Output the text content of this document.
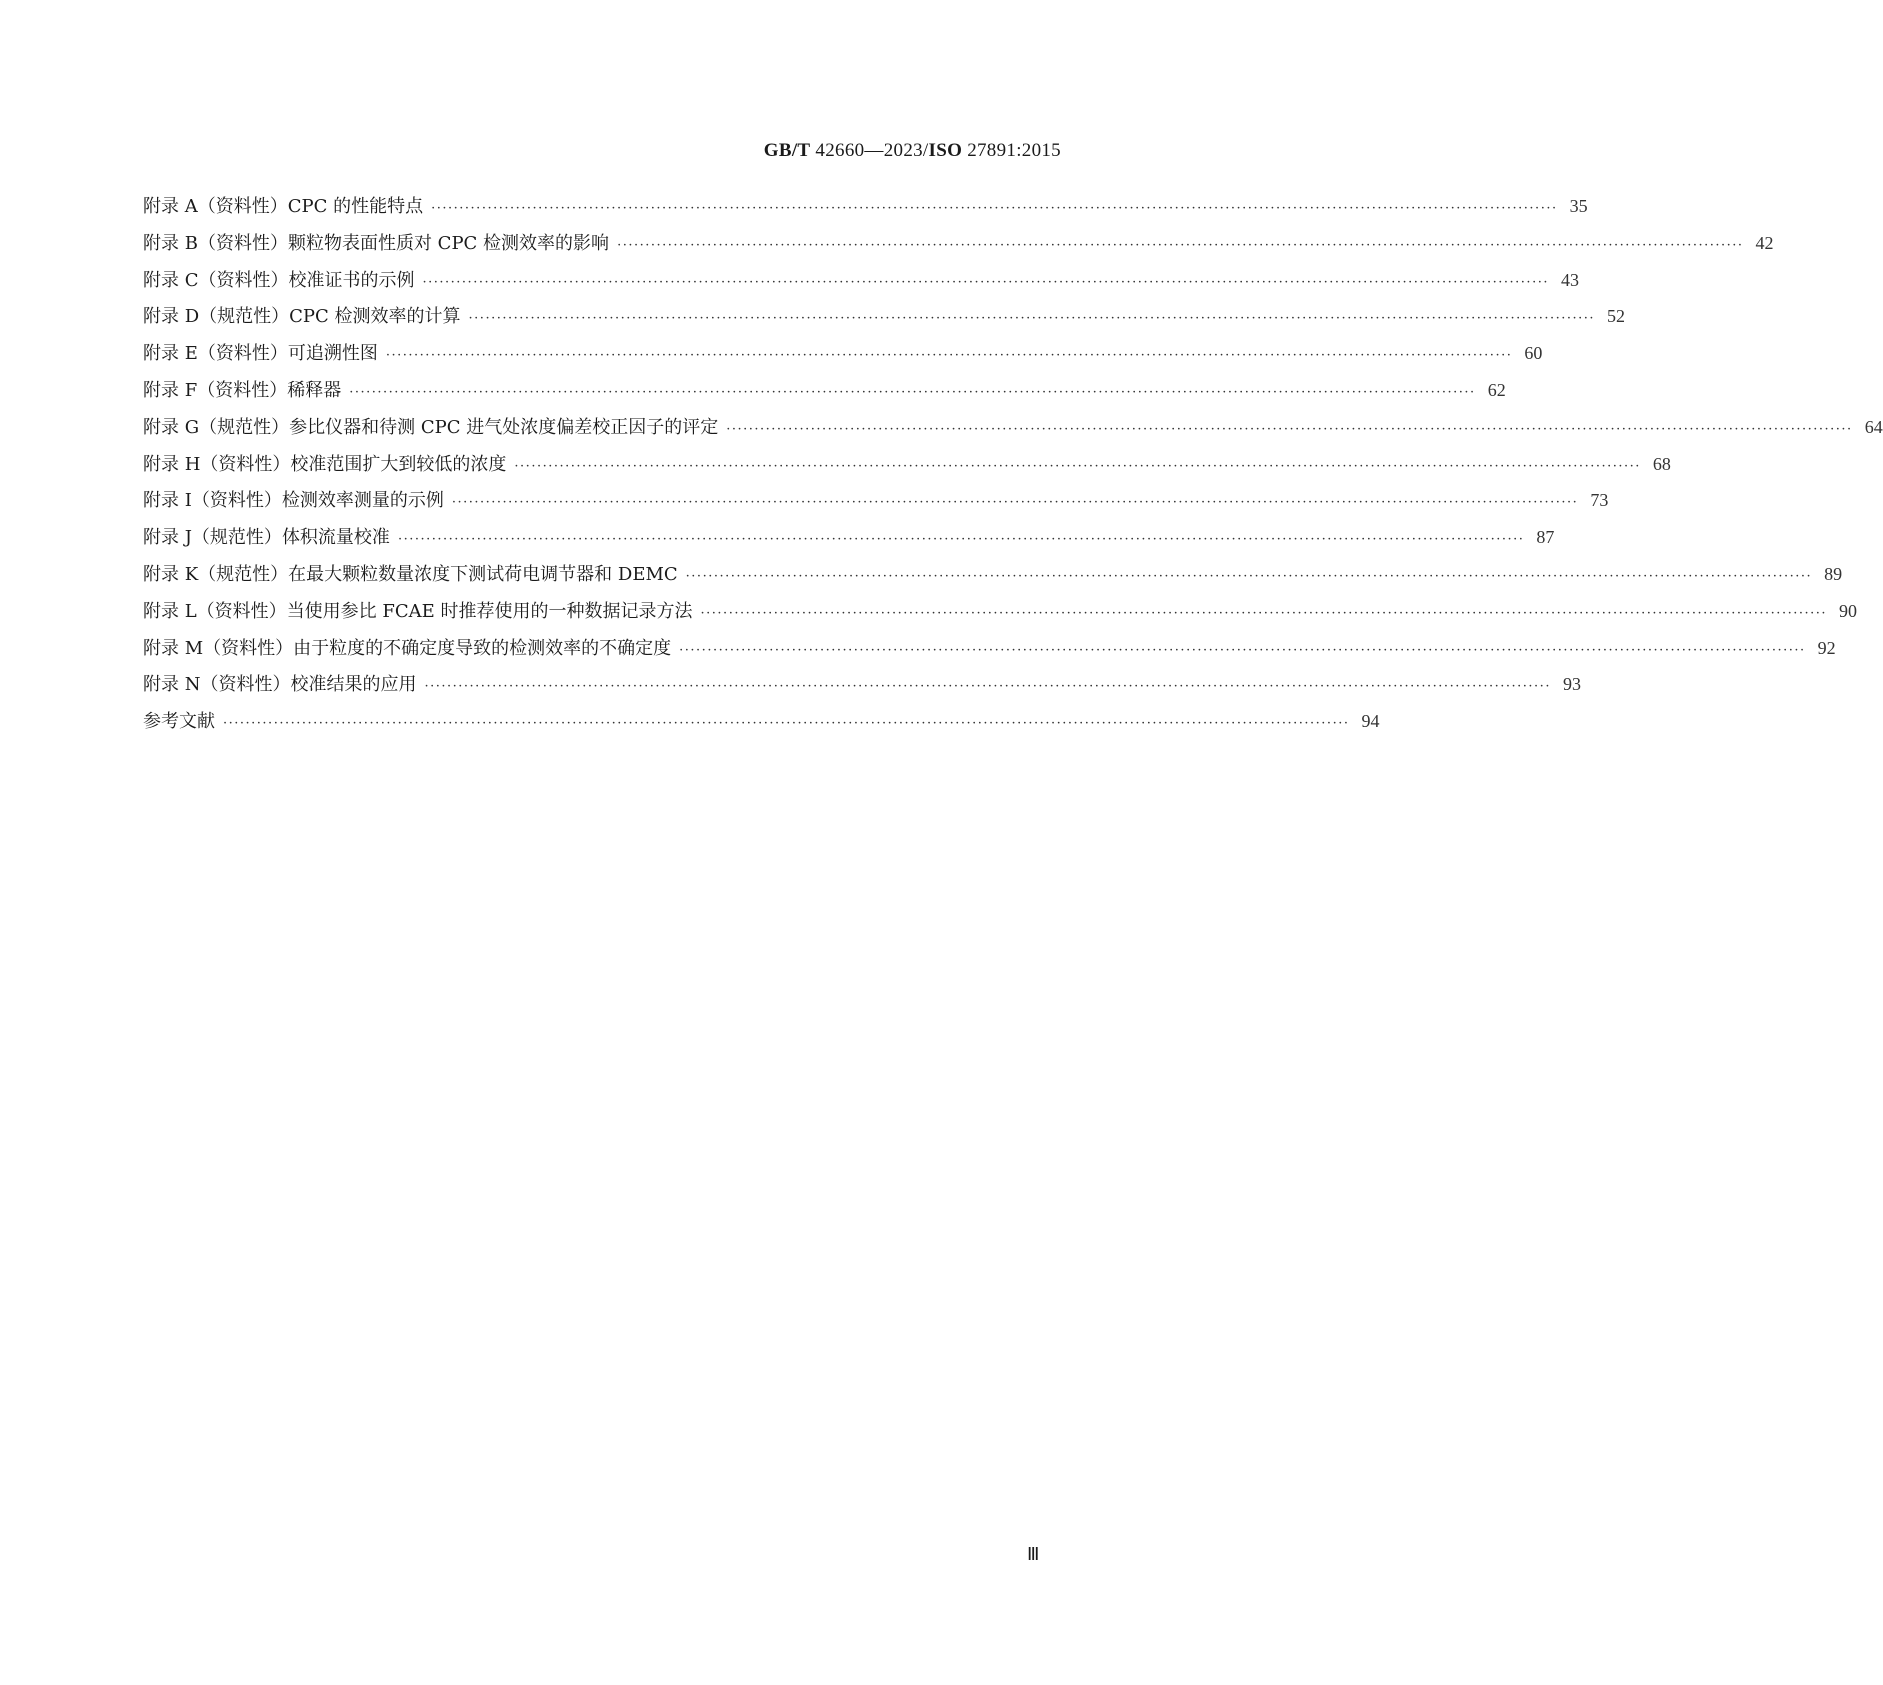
GB/T 42660—2023/ISO 27891:2015
附录 A（资料性） CPC 的性能特点 ········································································································································································································ 35
附录 B（资料性） 颗粒物表面性质对 CPC 检测效率的影响 ········································································································································································································ 42
附录 C（资料性） 校准证书的示例 ········································································································································································································ 43
附录 D（规范性） CPC 检测效率的计算 ········································································································································································································ 52
附录 E（资料性） 可追溯性图 ········································································································································································································ 60
附录 F（资料性） 稀释器 ········································································································································································································ 62
附录 G（规范性） 参比仪器和待测 CPC 进气处浓度偏差校正因子的评定 ········································································································································································································ 64
附录 H（资料性） 校准范围扩大到较低的浓度 ········································································································································································································ 68
附录 I（资料性） 检测效率测量的示例 ········································································································································································································ 73
附录 J（规范性） 体积流量校准 ········································································································································································································ 87
附录 K（规范性） 在最大颗粒数量浓度下测试荷电调节器和 DEMC ········································································································································································································ 89
附录 L（资料性） 当使用参比 FCAE 时推荐使用的一种数据记录方法 ········································································································································································································ 90
附录 M（资料性） 由于粒度的不确定度导致的检测效率的不确定度 ········································································································································································································ 92
附录 N（资料性） 校准结果的应用 ········································································································································································································ 93
参考文献 ········································································································································································································ 94
Ⅲ
